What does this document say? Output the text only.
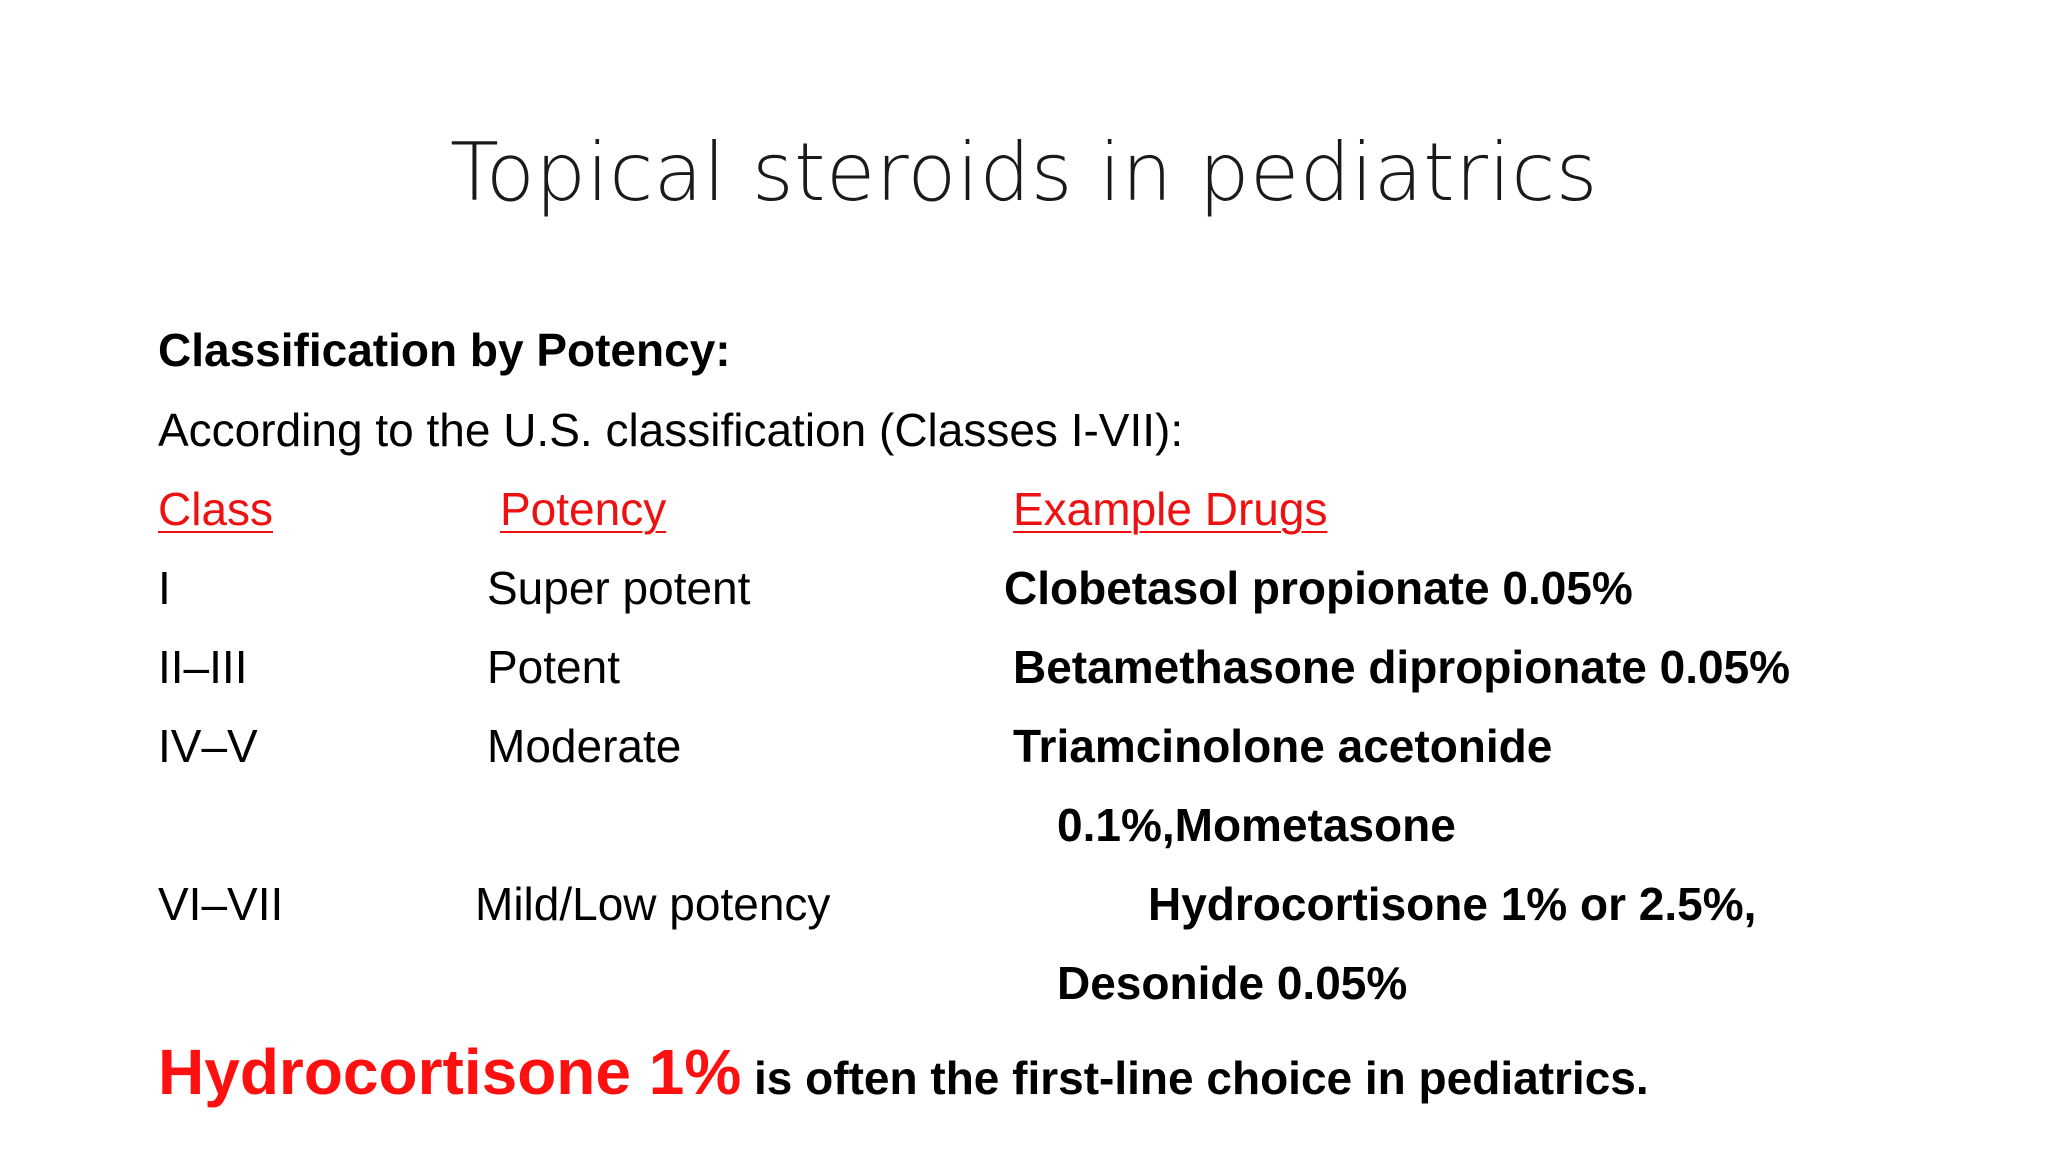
Topical steroids in pediatrics
Classification by Potency:
According to the U.S. classification (Classes I-VII):
Class	Potency	Example Drugs
I	Super potent	Clobetasol propionate 0.05%
II–III	Potent	Betamethasone dipropionate 0.05%
IV–V	Moderate	Triamcinolone acetonide
0.1%,Mometasone
VI–VII	Mild/Low potency	Hydrocortisone 1% or 2.5%,
Desonide 0.05%
Hydrocortisone 1% is often the first-line choice in pediatrics.
